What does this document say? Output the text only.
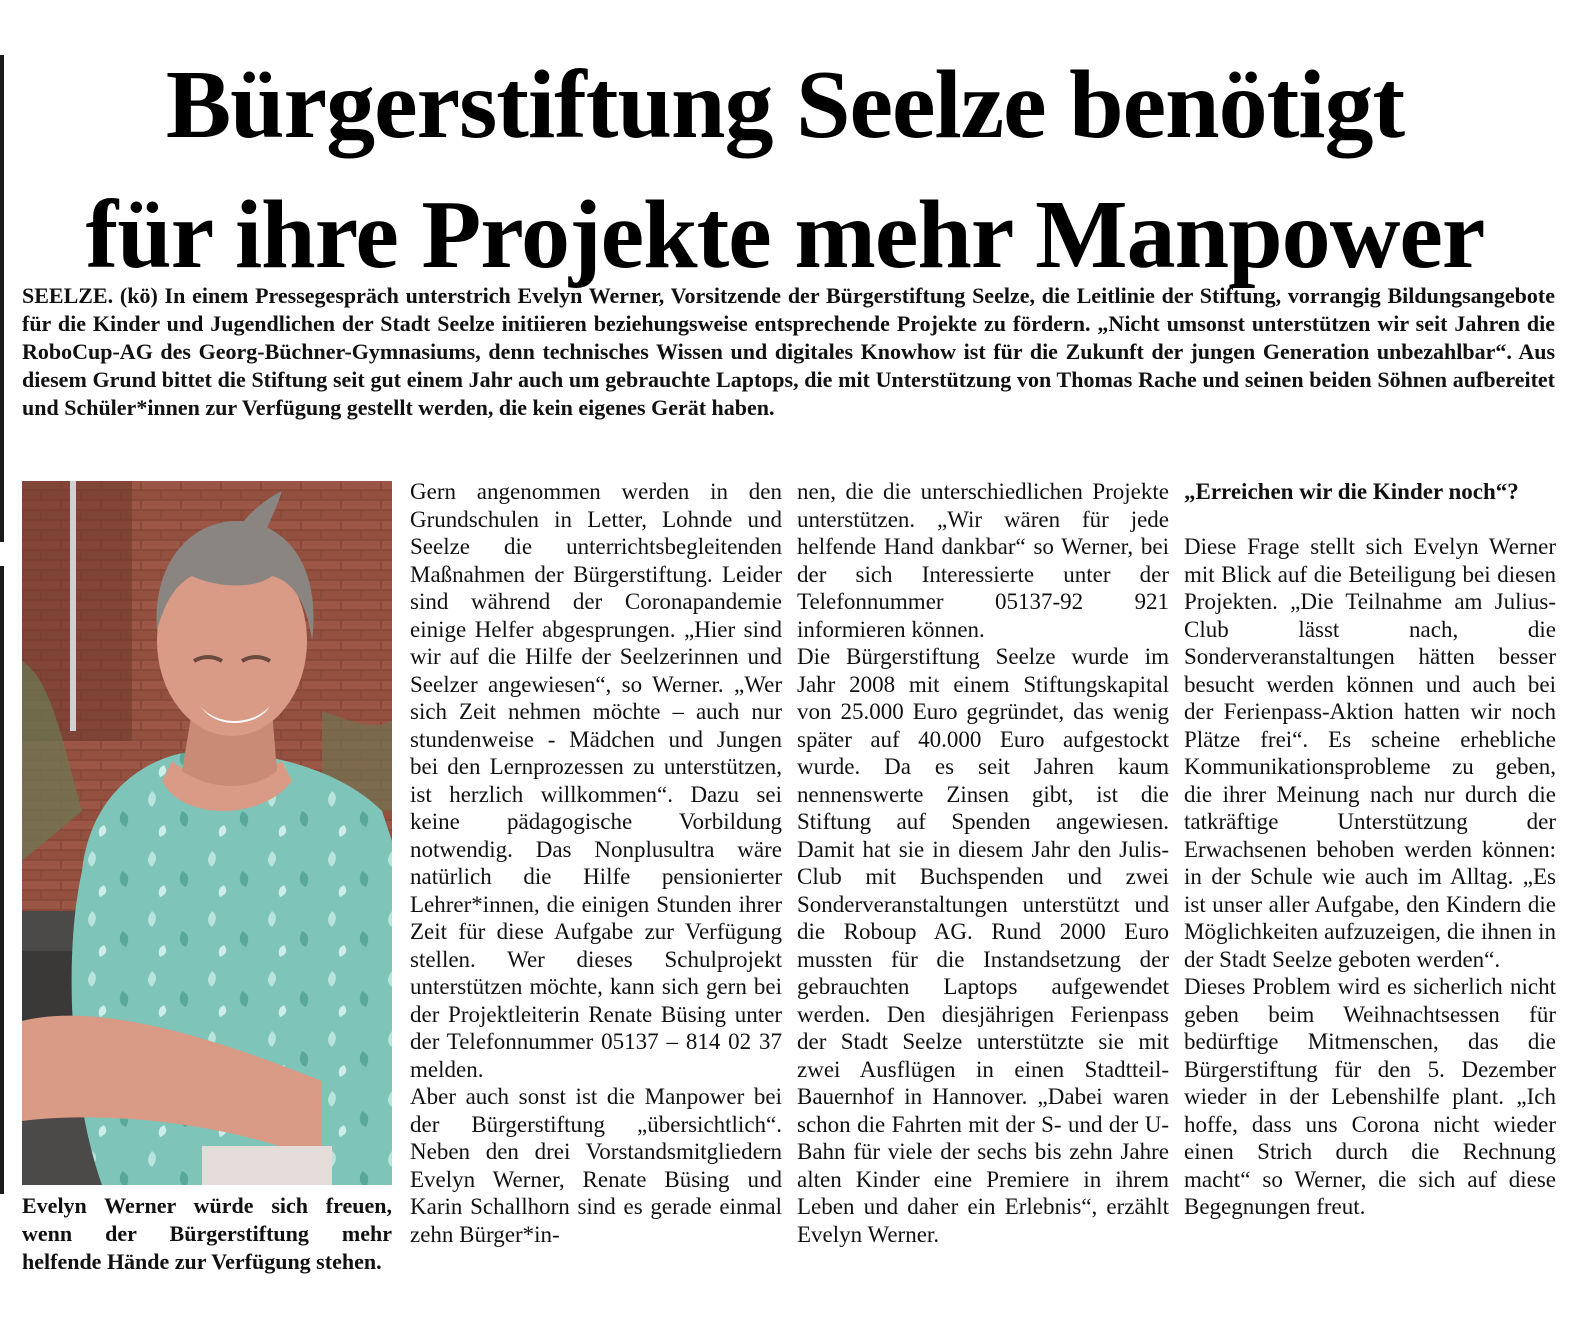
Bürgerstiftung Seelze benötigt
für ihre Projekte mehr Manpower

SEELZE. (kö) In einem Pressegespräch unterstrich Evelyn Werner, Vorsitzende der Bürgerstiftung Seelze, die Leitlinie der Stiftung, vorrangig Bildungsangebote für die Kinder und Jugendlichen der Stadt Seelze initiieren beziehungsweise entsprechende Projekte zu fördern. „Nicht umsonst unterstützen wir seit Jahren die RoboCup-AG des Georg-Büchner-Gymnasiums, denn technisches Wissen und digitales Knowhow ist für die Zukunft der jungen Generation unbezahlbar“. Aus diesem Grund bittet die Stiftung seit gut einem Jahr auch um gebrauchte Laptops, die mit Unterstützung von Thomas Rache und seinen beiden Söhnen aufbereitet und Schüler*innen zur Verfügung gestellt werden, die kein eigenes Gerät haben.

Evelyn Werner würde sich freuen, wenn der Bürgerstiftung mehr helfende Hände zur Verfügung stehen.

Gern angenommen werden in den Grundschulen in Letter, Lohnde und Seelze die unterrichtsbegleitenden Maßnahmen der Bürgerstiftung. Leider sind während der Coronapandemie einige Helfer abgesprungen. „Hier sind wir auf die Hilfe der Seelzerinnen und Seelzer angewiesen“, so Werner. „Wer sich Zeit nehmen möchte – auch nur stundenweise - Mädchen und Jungen bei den Lernprozessen zu unterstützen, ist herzlich willkommen“. Dazu sei keine pädagogische Vorbildung notwendig. Das Nonplusultra wäre natürlich die Hilfe pensionierter Lehrer*innen, die einigen Stunden ihrer Zeit für diese Aufgabe zur Verfügung stellen. Wer dieses Schulprojekt unterstützen möchte, kann sich gern bei der Projektleiterin Renate Büsing unter der Telefonnummer 05137 – 814 02 37 melden.

Aber auch sonst ist die Manpower bei der Bürgerstiftung „übersichtlich“. Neben den drei Vorstandsmitgliedern Evelyn Werner, Renate Büsing und Karin Schallhorn sind es gerade einmal zehn Bürger*in-

nen, die die unterschiedlichen Projekte unterstützen. „Wir wären für jede helfende Hand dankbar“ so Werner, bei der sich Interessierte unter der Telefonnummer 05137-92 921 informieren können.

Die Bürgerstiftung Seelze wurde im Jahr 2008 mit einem Stiftungskapital von 25.000 Euro gegründet, das wenig später auf 40.000 Euro aufgestockt wurde. Da es seit Jahren kaum nennenswerte Zinsen gibt, ist die Stiftung auf Spenden angewiesen. Damit hat sie in diesem Jahr den Julis-Club mit Buchspenden und zwei Sonderveranstaltungen unterstützt und die Roboup AG. Rund 2000 Euro mussten für die Instandsetzung der gebrauchten Laptops aufgewendet werden. Den diesjährigen Ferienpass der Stadt Seelze unterstützte sie mit zwei Ausflügen in einen Stadtteil-Bauernhof in Hannover. „Dabei waren schon die Fahrten mit der S- und der U-Bahn für viele der sechs bis zehn Jahre alten Kinder eine Premiere in ihrem Leben und daher ein Erlebnis“, erzählt Evelyn Werner.

„Erreichen wir die Kinder noch“?

Diese Frage stellt sich Evelyn Werner mit Blick auf die Beteiligung bei diesen Projekten. „Die Teilnahme am Julius-Club lässt nach, die Sonderveranstaltungen hätten besser besucht werden können und auch bei der Ferienpass-Aktion hatten wir noch Plätze frei“. Es scheine erhebliche Kommunikationsprobleme zu geben, die ihrer Meinung nach nur durch die tatkräftige Unterstützung der Erwachsenen behoben werden können: in der Schule wie auch im Alltag. „Es ist unser aller Aufgabe, den Kindern die Möglichkeiten aufzuzeigen, die ihnen in der Stadt Seelze geboten werden“.

Dieses Problem wird es sicherlich nicht geben beim Weihnachtsessen für bedürftige Mitmenschen, das die Bürgerstiftung für den 5. Dezember wieder in der Lebenshilfe plant. „Ich hoffe, dass uns Corona nicht wieder einen Strich durch die Rechnung macht“ so Werner, die sich auf diese Begegnungen freut.
